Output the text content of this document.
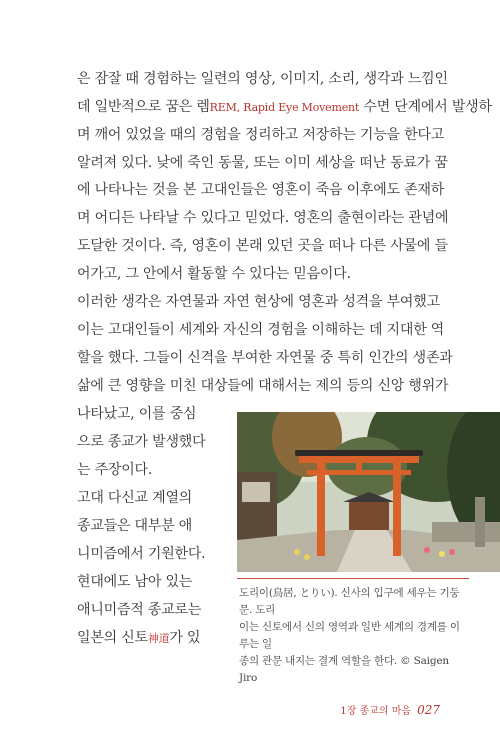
은 잠잘 때 경험하는 일련의 영상, 이미지, 소리, 생각과 느낌인
데 일반적으로 꿈은 렘REM, Rapid Eye Movement 수면 단계에서 발생하
며 깨어 있었을 때의 경험을 정리하고 저장하는 기능을 한다고
알려져 있다. 낮에 죽인 동물, 또는 이미 세상을 떠난 동료가 꿈
에 나타나는 것을 본 고대인들은 영혼이 죽음 이후에도 존재하
며 어디든 나타날 수 있다고 믿었다. 영혼의 출현이라는 관념에
도달한 것이다. 즉, 영혼이 본래 있던 곳을 떠나 다른 사물에 들
어가고, 그 안에서 활동할 수 있다는 믿음이다.
이러한 생각은 자연물과 자연 현상에 영혼과 성격을 부여했고
이는 고대인들이 세계와 자신의 경험을 이해하는 데 지대한 역
할을 했다. 그들이 신격을 부여한 자연물 중 특히 인간의 생존과
삶에 큰 영향을 미친 대상들에 대해서는 제의 등의 신앙 행위가
나타났고, 이를 중심
으로 종교가 발생했다
는 주장이다.
고대 다신교 계열의
종교들은 대부분 애
니미즘에서 기원한다.
현대에도 남아 있는
애니미즘적 종교로는
일본의 신토神道가 있
도리이(鳥居, とりい). 신사의 입구에 세우는 기둥문. 도리
이는 신토에서 신의 영역과 일반 세계의 경계를 이루는 일
종의 관문 내지는 결계 역할을 한다. © Saigen Jiro
1장 종교의 마음 027
